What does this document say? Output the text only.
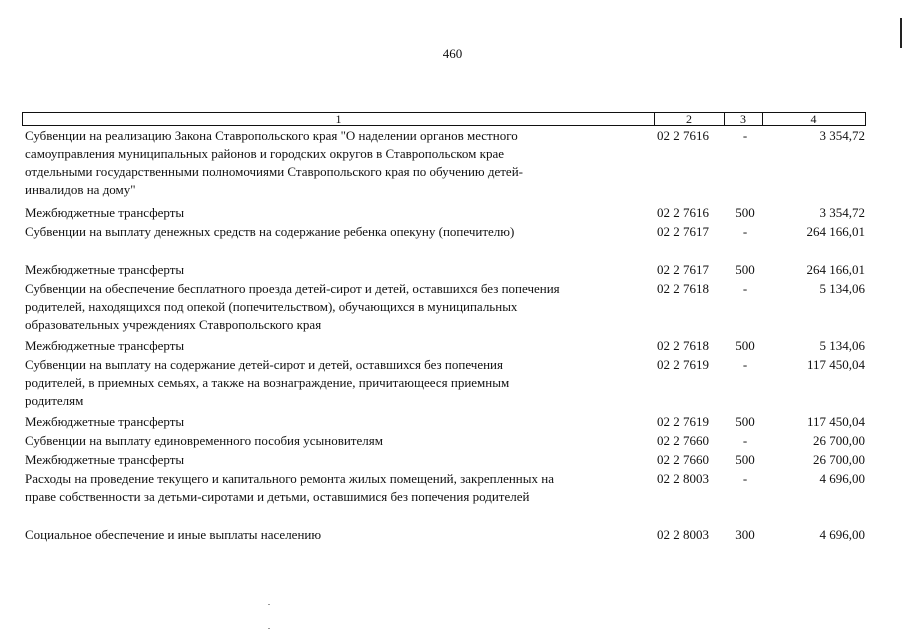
460
1	2	3	4
Субвенции на реализацию Закона Ставропольского края "О наделении органов местного
самоуправления муниципальных районов и городских округов в Ставропольском крае
отдельными государственными полномочиями Ставропольского края по обучению детей-
инвалидов на дому"
02 2 7616	-	3 354,72
Межбюджетные трансферты	02 2 7616	500	3 354,72
Субвенции на выплату денежных средств на содержание ребенка опекуну (попечителю)	02 2 7617	-	264 166,01
Межбюджетные трансферты	02 2 7617	500	264 166,01
Субвенции на обеспечение бесплатного проезда детей-сирот и детей, оставшихся без попечения
родителей, находящихся под опекой (попечительством), обучающихся в муниципальных
образовательных учреждениях Ставропольского края
02 2 7618	-	5 134,06
Межбюджетные трансферты	02 2 7618	500	5 134,06
Субвенции на выплату на содержание детей-сирот и детей, оставшихся без попечения
родителей, в приемных семьях, а также на вознаграждение, причитающееся приемным
родителям
02 2 7619	-	117 450,04
Межбюджетные трансферты	02 2 7619	500	117 450,04
Субвенции на выплату единовременного пособия усыновителям	02 2 7660	-	26 700,00
Межбюджетные трансферты	02 2 7660	500	26 700,00
Расходы на проведение текущего и капитального ремонта жилых помещений, закрепленных на
праве собственности за детьми-сиротами и детьми, оставшимися без попечения родителей
02 2 8003	-	4 696,00
Социальное обеспечение и иные выплаты населению	02 2 8003	300	4 696,00
